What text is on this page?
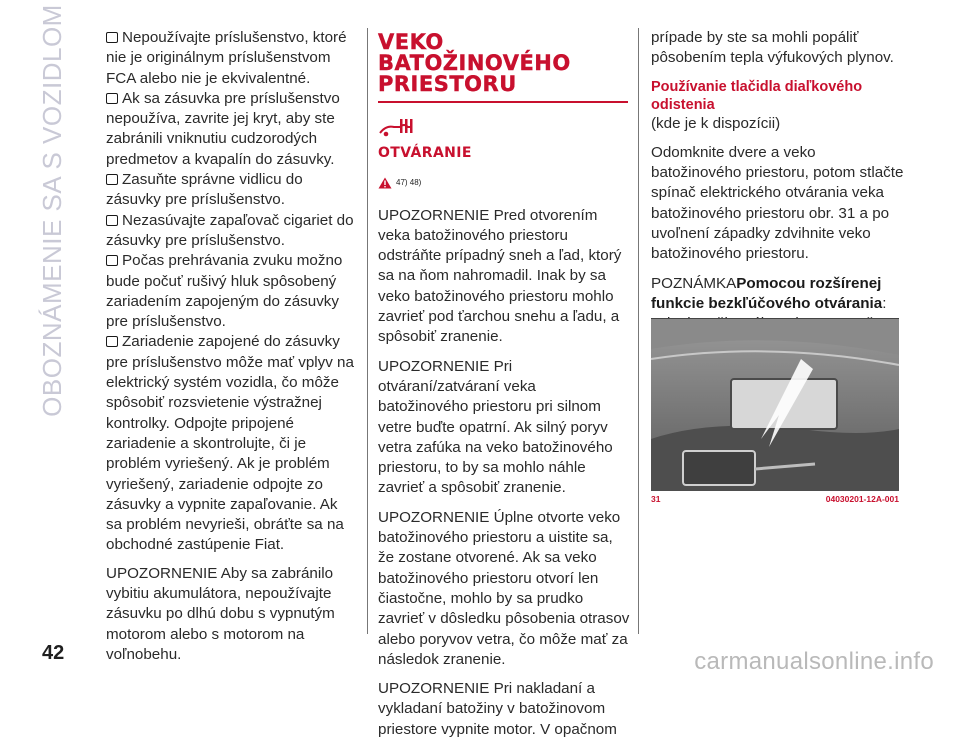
OBOZNÁMENIE SA S VOZIDLOM	Nepoužívajte príslušenstvo, ktoré nie je originálnym príslušenstvom FCA alebo nie je ekvivalentné.
Ak sa zásuvka pre príslušenstvo nepoužíva, zavrite jej kryt, aby ste zabránili vniknutiu cudzorodých predmetov a kvapalín do zásuvky.
Zasuňte správne vidlicu do zásuvky pre príslušenstvo.
Nezasúvajte zapaľovač cigariet do zásuvky pre príslušenstvo.
Počas prehrávania zvuku možno bude počuť rušivý hluk spôsobený zariadením zapojeným do zásuvky pre príslušenstvo.
Zariadenie zapojené do zásuvky pre príslušenstvo môže mať vplyv na elektrický systém vozidla, čo môže spôsobiť rozsvietenie výstražnej kontrolky. Odpojte pripojené zariadenie a skontrolujte, či je problém vyriešený. Ak je problém vyriešený, zariadenie odpojte zo zásuvky a vypnite zapaľovanie. Ak sa problém nevyrieši, obráťte sa na obchodné zastúpenie Fiat.

UPOZORNENIE Aby sa zabránilo vybitiu akumulátora, nepoužívajte zásuvku po dlhú dobu s vypnutým motorom alebo s motorom na voľnobehu.

VEKO
BATOŽINOVÉHO
PRIESTORU
OTVÁRANIE
47) 48)

UPOZORNENIE Pred otvorením veka batožinového priestoru odstráňte prípadný sneh a ľad, ktorý sa na ňom nahromadil. Inak by sa veko batožinového priestoru mohlo zavrieť pod ťarchou snehu a ľadu, a spôsobiť zranenie.

UPOZORNENIE Pri otváraní/zatváraní veka batožinového priestoru pri silnom vetre buďte opatrní. Ak silný poryv vetra zafúka na veko batožinového priestoru, to by sa mohlo náhle zavrieť a spôsobiť zranenie.

UPOZORNENIE Úplne otvorte veko batožinového priestoru a uistite sa, že zostane otvorené. Ak sa veko batožinového priestoru otvorí len čiastočne, mohlo by sa prudko zavrieť v dôsledku pôsobenia otrasov alebo poryvov vetra, čo môže mať za následok zranenie.

UPOZORNENIE Pri nakladaní a vykladaní batožiny v batožinovom priestore vypnite motor. V opačnom

prípade by ste sa mohli popáliť pôsobením tepla výfukových plynov.

Používanie tlačidla diaľkového odistenia

(kde je k dispozícii)

Odomknite dvere a veko batožinového priestoru, potom stlačte spínač elektrického otvárania veka batožinového priestoru obr. 31 a po uvoľnení západky zdvihnite veko batožinového priestoru.

POZNÁMKAPomocou rozšírenej funkcie bezkľúčového otvárania:

31	04030201-12A-001
42	carmanualsonline.info
